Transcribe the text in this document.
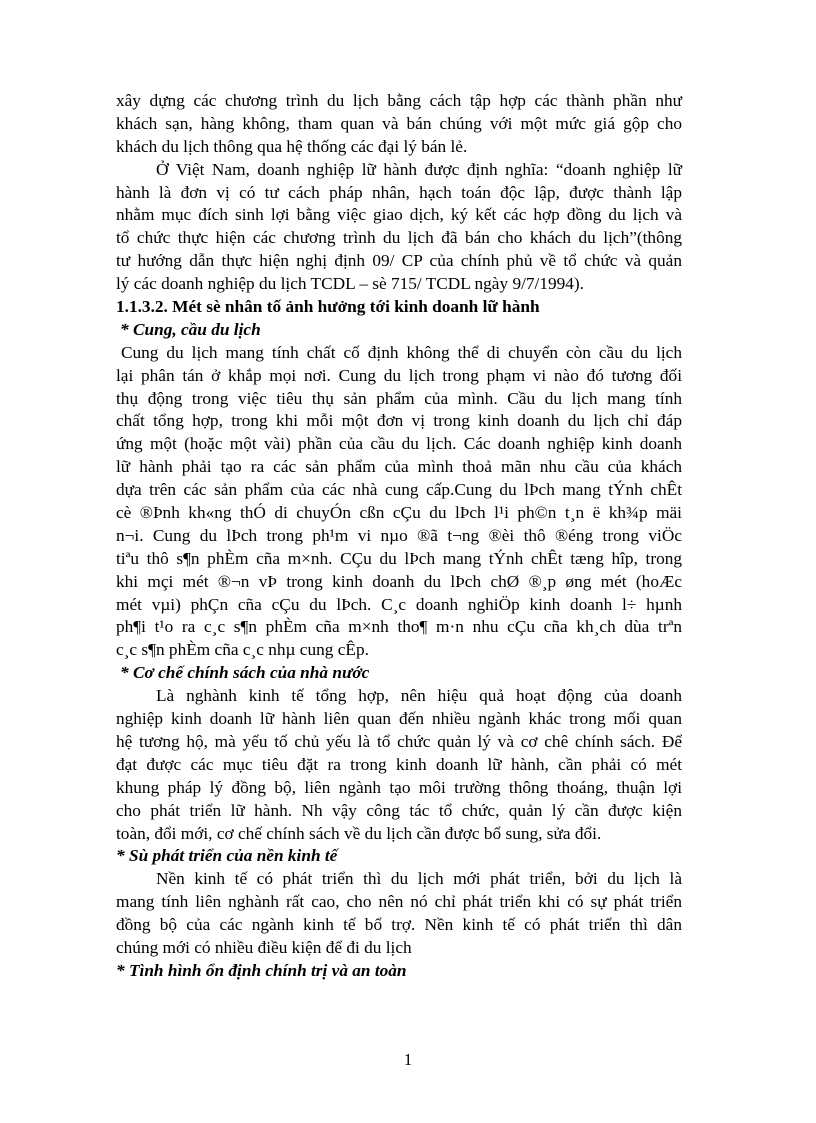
xây dựng các chương trình du lịch bằng cách tập hợp các thành phần như
khách sạn, hàng không, tham quan và bán chúng với một mức giá gộp cho
khách du lịch thông qua hệ thống các đại lý bán lẻ.
Ở Việt Nam, doanh nghiệp lữ hành được định nghĩa: “doanh nghiệp lữ
hành là đơn vị có tư cách pháp nhân, hạch toán độc lập, được thành lập
nhằm mục đích sinh lợi bằng việc giao dịch, ký kết các hợp đồng du lịch và
tổ chức thực hiện các chương trình du lịch đã bán cho khách du lịch”(thông
tư hướng dẫn thực hiện nghị định 09/ CP của chính phủ về tổ chức và quản
lý các doanh nghiệp du lịch TCDL – sè 715/ TCDL ngày 9/7/1994).
1.1.3.2. Mét sè nhân tố ảnh hưởng tới kinh doanh lữ hành
* Cung, cầu du lịch
Cung du lịch mang tính chất cố định không thể di chuyển còn cầu du lịch
lại phân tán ở khắp mọi nơi. Cung du lịch trong phạm vi nào đó tương đối
thụ động trong việc tiêu thụ sản phẩm của mình. Cầu du lịch mang tính
chất tổng hợp, trong khi mỗi một đơn vị trong kinh doanh du lịch chỉ đáp
ứng một (hoặc một vài) phần của cầu du lịch. Các doanh nghiệp kinh doanh
lữ hành phải tạo ra các sản phẩm của mình thoả mãn nhu cầu của khách
dựa trên các sản phẩm của các nhà cung cấp.Cung du lÞch mang tÝnh chÊt
cè ®Þnh kh«ng thÓ di chuyÓn cßn cÇu du lÞch l¹i ph©n t¸n ë kh¾p mäi
n¬i. Cung du lÞch trong ph¹m vi nµo ®ã t¬ng ®èi thô ®éng trong viÖc
tiªu thô s¶n phÈm cña m×nh. CÇu du lÞch mang tÝnh chÊt tæng hîp, trong
khi mçi mét ®¬n vÞ trong kinh doanh du lÞch chØ ®¸p øng mét (hoÆc
mét vµi) phÇn cña cÇu du lÞch. C¸c doanh nghiÖp kinh doanh l÷ hµnh
ph¶i t¹o ra c¸c s¶n phÈm cña m×nh tho¶ m·n nhu cÇu cña kh¸ch dùa trªn
c¸c s¶n phÈm cña c¸c nhµ cung cÊp.
* Cơ chế chính sách của nhà nước
Là nghành kinh tế tổng hợp, nên hiệu quả hoạt động của doanh
nghiệp kinh doanh lữ hành liên quan đến nhiều ngành khác trong mối quan
hệ tương hộ, mà yếu tố chủ yếu là tổ chức quản lý và cơ chê chính sách. Để
đạt được các mục tiêu đặt ra trong kinh doanh lữ hành, cần phải có mét
khung pháp lý đồng bộ, liên ngành tạo môi trường thông thoáng, thuận lợi
cho phát triển lữ hành. Nh vậy công tác tổ chức, quản lý cần được kiện
toàn, đổi mới, cơ chế chính sách về du lịch cần được bổ sung, sửa đổi.
* Sù phát triển của nền kinh tế
Nền kinh tế có phát triển thì du lịch mới phát triển, bởi du lịch là
mang tính liên nghành rất cao, cho nên nó chỉ phát triển khi có sự phát triển
đồng bộ của các ngành kinh tế bổ trợ. Nền kinh tế có phát triển thì dân
chúng mới có nhiều điều kiện để đi du lịch
* Tình hình ổn định chính trị và an toàn
1
